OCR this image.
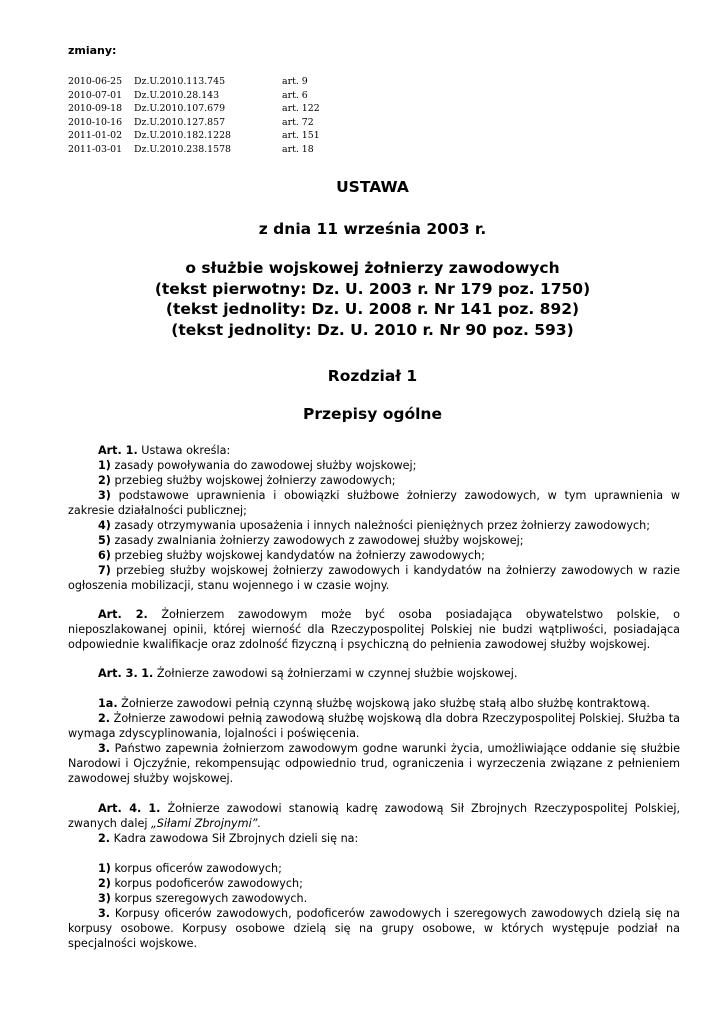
zmiany:
2010-06-25	Dz.U.2010.113.745	art. 9
2010-07-01	Dz.U.2010.28.143	art. 6
2010-09-18	Dz.U.2010.107.679	art. 122
2010-10-16	Dz.U.2010.127.857	art. 72
2011-01-02	Dz.U.2010.182.1228	art. 151
2011-03-01	Dz.U.2010.238.1578	art. 18
USTAWA
z dnia 11 września 2003 r.
o służbie wojskowej żołnierzy zawodowych
(tekst pierwotny: Dz. U. 2003 r. Nr 179 poz. 1750)
(tekst jednolity: Dz. U. 2008 r. Nr 141 poz. 892)
(tekst jednolity: Dz. U. 2010 r. Nr 90 poz. 593)
Rozdział 1
Przepisy ogólne

Art. 1. Ustawa określa:

1) zasady powoływania do zawodowej służby wojskowej;

2) przebieg służby wojskowej żołnierzy zawodowych;

3) podstawowe uprawnienia i obowiązki służbowe żołnierzy zawodowych, w tym uprawnienia w zakresie działalności publicznej;

4) zasady otrzymywania uposażenia i innych należności pieniężnych przez żołnierzy zawodowych;

5) zasady zwalniania żołnierzy zawodowych z zawodowej służby wojskowej;

6) przebieg służby wojskowej kandydatów na żołnierzy zawodowych;

7) przebieg służby wojskowej żołnierzy zawodowych i kandydatów na żołnierzy zawodowych w razie ogłoszenia mobilizacji, stanu wojennego i w czasie wojny.

Art. 2. Żołnierzem zawodowym może być osoba posiadająca obywatelstwo polskie, o nieposzlakowanej opinii, której wierność dla Rzeczypospolitej Polskiej nie budzi wątpliwości, posiadająca odpowiednie kwalifikacje oraz zdolność fizyczną i psychiczną do pełnienia zawodowej służby wojskowej.

Art. 3. 1. Żołnierze zawodowi są żołnierzami w czynnej służbie wojskowej.

1a. Żołnierze zawodowi pełnią czynną służbę wojskową jako służbę stałą albo służbę kontraktową.

2. Żołnierze zawodowi pełnią zawodową służbę wojskową dla dobra Rzeczypospolitej Polskiej. Służba ta wymaga zdyscyplinowania, lojalności i poświęcenia.

3. Państwo zapewnia żołnierzom zawodowym godne warunki życia, umożliwiające oddanie się służbie Narodowi i Ojczyźnie, rekompensując odpowiednio trud, ograniczenia i wyrzeczenia związane z pełnieniem zawodowej służby wojskowej.

Art. 4. 1. Żołnierze zawodowi stanowią kadrę zawodową Sił Zbrojnych Rzeczypospolitej Polskiej, zwanych dalej „Siłami Zbrojnymi”.

2. Kadra zawodowa Sił Zbrojnych dzieli się na:

1) korpus oficerów zawodowych;

2) korpus podoficerów zawodowych;

3) korpus szeregowych zawodowych.

3. Korpusy oficerów zawodowych, podoficerów zawodowych i szeregowych zawodowych dzielą się na korpusy osobowe. Korpusy osobowe dzielą się na grupy osobowe, w których występuje podział na specjalności wojskowe.
